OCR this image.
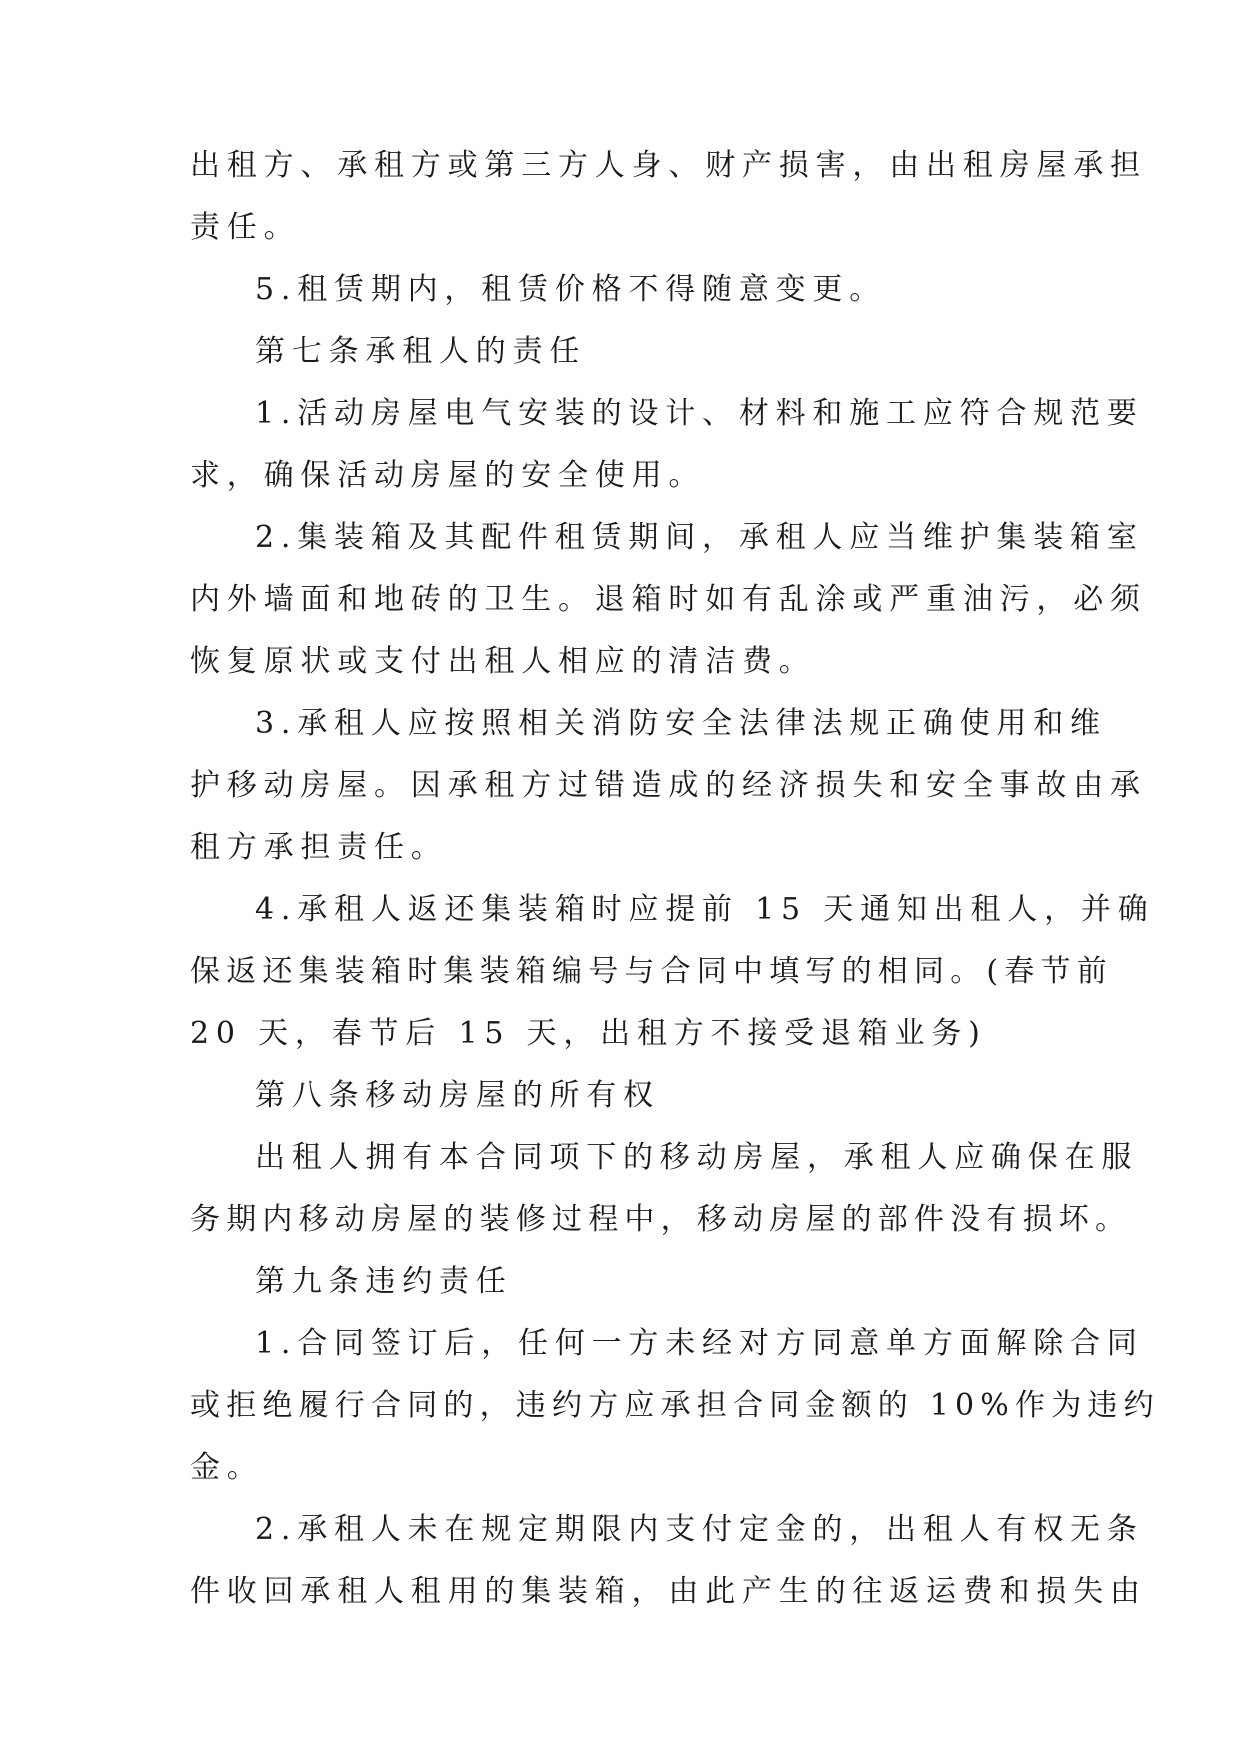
出租方、承租方或第三方人身、财产损害，由出租房屋承担
责任。
5.租赁期内，租赁价格不得随意变更。
第七条承租人的责任
1.活动房屋电气安装的设计、材料和施工应符合规范要
求，确保活动房屋的安全使用。
2.集装箱及其配件租赁期间，承租人应当维护集装箱室
内外墙面和地砖的卫生。退箱时如有乱涂或严重油污，必须
恢复原状或支付出租人相应的清洁费。
3.承租人应按照相关消防安全法律法规正确使用和维
护移动房屋。因承租方过错造成的经济损失和安全事故由承
租方承担责任。
4.承租人返还集装箱时应提前 15 天通知出租人，并确
保返还集装箱时集装箱编号与合同中填写的相同。(春节前
20 天，春节后 15 天，出租方不接受退箱业务)
第八条移动房屋的所有权
出租人拥有本合同项下的移动房屋，承租人应确保在服
务期内移动房屋的装修过程中，移动房屋的部件没有损坏。
第九条违约责任
1.合同签订后，任何一方未经对方同意单方面解除合同
或拒绝履行合同的，违约方应承担合同金额的 10%作为违约
金。
2.承租人未在规定期限内支付定金的，出租人有权无条
件收回承租人租用的集装箱，由此产生的往返运费和损失由
